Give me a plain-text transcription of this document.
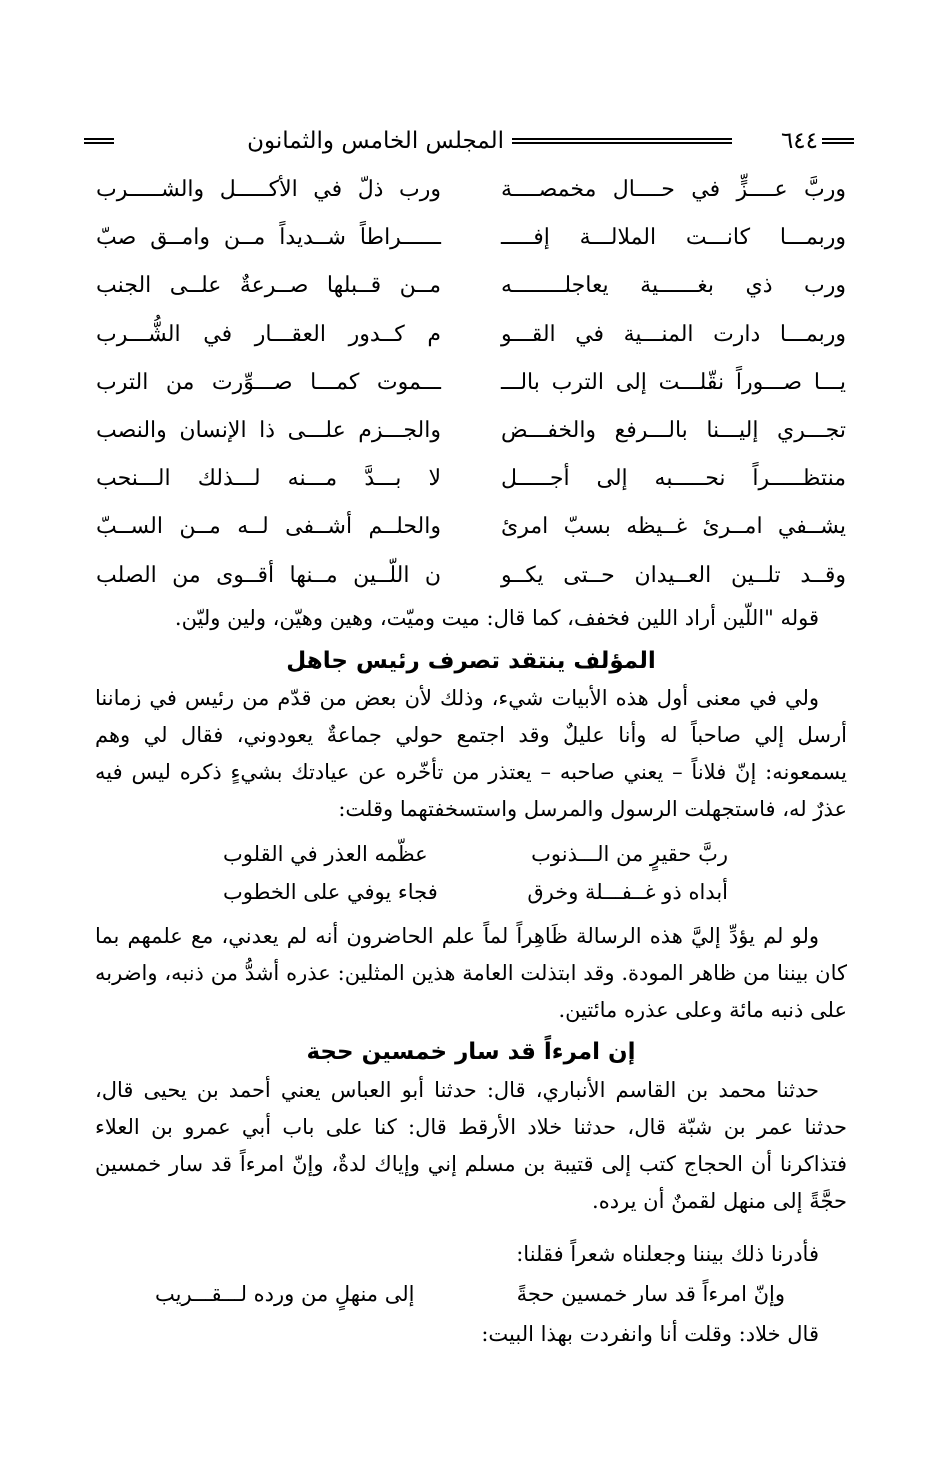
٦٤٤
المجلس الخامس والثمانون
وربَّ عــــزٍّ في حــــال مخمصــــة
ورب ذلّ في الأكـــــل والشـــــرب
وربمـــا كانـــت الملالـــة إفـــــ
ــــــراطاً شــديداً مــن وامــق صبّ
ورب ذي بغــــــية يعاجلــــــــه
مــن قــبلها صــرعةٌ علــى الجنب
وربمـــا دارت المنـــية في القـــو
م كــدور العقـــار في الشُّـــرب
يـــا صـــوراً نقّلـــت إلى الترب بالـــ
ـــموت كمـــا صـــوِّرت من الترب
تجـــري إليـــنا بالـــرفع والخفـــض
والجـــزم علـــى ذا الإنسان والنصب
منتظـــــراً نحـــــبه إلى أجـــــل
لا بـــدَّ مـــنه لـــذلك الـــنحب
يشــفي امــرئ غــيظه بسبّ امرئ
والحلــم أشــفى لــه مــن الســبّ
وقــد تلــين العــيدان حــتى يكــو
ن اللّــين مــنها أقــوى من الصلب

قوله "اللّين أراد اللين فخفف، كما قال: ميت وميّت، وهين وهيّن، ولين وليّن.

المؤلف ينتقد تصرف رئيس جاهل

ولي في معنى أول هذه الأبيات شيء، وذلك لأن بعض من قدّم من رئيس في زماننا أرسل إلي صاحباً له وأنا عليلٌ وقد اجتمع حولي جماعةٌ يعودوني، فقال لي وهم يسمعونه: إنّ فلاناً – يعني صاحبه – يعتذر من تأخّره عن عيادتك بشيءٍ ذكره ليس فيه عذرٌ له، فاستجهلت الرسول والمرسل واستسخفتهما وقلت:

ربَّ حقيرٍ من الـــذنوب
عظّمه العذر في القلوب
أبداه ذو غــفـــلة وخرق
فجاء يوفي على الخطوب

ولو لم يؤدِّ إليَّ هذه الرسالة ظَاهِراً لماً علم الحاضرون أنه لم يعدني، مع علمهم بما كان بيننا من ظاهر المودة. وقد ابتذلت العامة هذين المثلين: عذره أشدُّ من ذنبه، واضربه على ذنبه مائة وعلى عذره مائتين.

إن امرءاً قد سار خمسين حجة

حدثنا محمد بن القاسم الأنباري، قال: حدثنا أبو العباس يعني أحمد بن يحيى قال، حدثنا عمر بن شبّة قال، حدثنا خلاد الأرقط قال: كنا على باب أبي عمرو بن العلاء فتذاكرنا أن الحجاج كتب إلى قتيبة بن مسلم إني وإياك لدةٌ، وإنّ امرءاً قد سار خمسين حجَّةً إلى منهل لقمنٌ أن يرده.

فأدرنا ذلك بيننا وجعلناه شعراً فقلنا:

وإنّ امرءاً قد سار خمسين حجةً
إلى منهلٍ من ورده لـــقـــريب

قال خلاد: وقلت أنا وانفردت بهذا البيت:
